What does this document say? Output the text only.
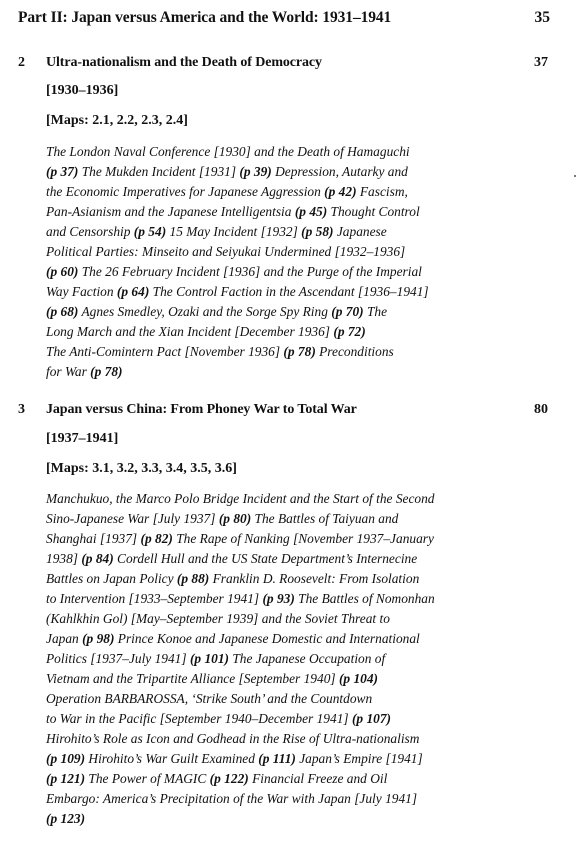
Part II: Japan versus America and the World: 1931–1941	35
2 Ultra-nationalism and the Death of Democracy	37
[1930–1936]
[Maps: 2.1, 2.2, 2.3, 2.4]

The London Naval Conference [1930] and the Death of Hamaguchi
(p 37) The Mukden Incident [1931] (p 39) Depression, Autarky and
the Economic Imperatives for Japanese Aggression (p 42) Fascism,
Pan-Asianism and the Japanese Intelligentsia (p 45) Thought Control
and Censorship (p 54) 15 May Incident [1932] (p 58) Japanese
Political Parties: Minseito and Seiyukai Undermined [1932–1936]
(p 60) The 26 February Incident [1936] and the Purge of the Imperial
Way Faction (p 64) The Control Faction in the Ascendant [1936–1941]
(p 68) Agnes Smedley, Ozaki and the Sorge Spy Ring (p 70) The
Long March and the Xian Incident [December 1936] (p 72)
The Anti-Comintern Pact [November 1936] (p 78) Preconditions
for War (p 78)

3 Japan versus China: From Phoney War to Total War	80
[1937–1941]
[Maps: 3.1, 3.2, 3.3, 3.4, 3.5, 3.6]

Manchukuo, the Marco Polo Bridge Incident and the Start of the Second
Sino-Japanese War [July 1937] (p 80) The Battles of Taiyuan and
Shanghai [1937] (p 82) The Rape of Nanking [November 1937–January
1938] (p 84) Cordell Hull and the US State Department’s Internecine
Battles on Japan Policy (p 88) Franklin D. Roosevelt: From Isolation
to Intervention [1933–September 1941] (p 93) The Battles of Nomonhan
(Kahlkhin Gol) [May–September 1939] and the Soviet Threat to
Japan (p 98) Prince Konoe and Japanese Domestic and International
Politics [1937–July 1941] (p 101) The Japanese Occupation of
Vietnam and the Tripartite Alliance [September 1940] (p 104)
Operation BARBAROSSA, ‘Strike South’ and the Countdown
to War in the Pacific [September 1940–December 1941] (p 107)
Hirohito’s Role as Icon and Godhead in the Rise of Ultra-nationalism
(p 109) Hirohito’s War Guilt Examined (p 111) Japan’s Empire [1941]
(p 121) The Power of MAGIC (p 122) Financial Freeze and Oil
Embargo: America’s Precipitation of the War with Japan [July 1941]
(p 123)
